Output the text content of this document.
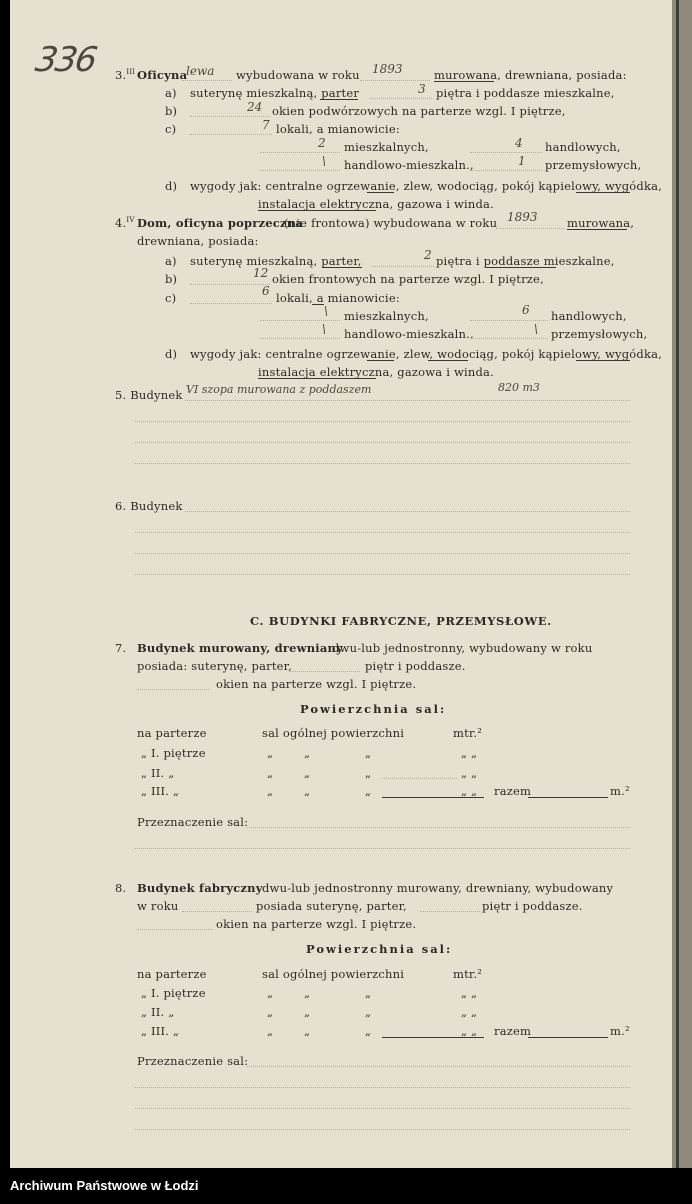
336 3.$^{III}$ Oficyna
lewa wybudowana w roku 1893	murowana, drewniana, posiada:
a) suterynę mieszkalną, parter	3 piętra i poddasze mieszkalne,
b)	24 okien podwórzowych na parterze wzgl. I piętrze,
c)	7 lokali, a mianowicie:
2 mieszkalnych,	4 handlowych,
\ handlowo-mieszkaln.,	1 przemysłowych,
d) wygody jak: centralne ogrzewanie, zlew, wodociąg, pokój kąpielowy, wygódka,
instalacja elektryczna, gazowa i winda.
4.$^{IV}$ Dom, oficyna poprzeczna
(nie frontowa) wybudowana w roku 1893	murowana,
drewniana, posiada:
a) suterynę mieszkalną, parter,	2 piętra i poddasze mieszkalne,
b)	12 okien frontowych na parterze wzgl. I piętrze,
c)	6 lokali, a mianowicie:
\ mieszkalnych,	6 handlowych,
\ handlowo-mieszkaln.,	\ przemysłowych,
d) wygody jak: centralne ogrzewanie, zlew, wodociąg, pokój kąpielowy, wygódka,
instalacja elektryczna, gazowa i winda.
5. Budynek VI szopa murowana z poddaszem	820 m3
6. Budynek
C. BUDYNKI FABRYCZNE, PRZEMYSŁOWE.
7. Budynek murowany, drewniany
dwu-lub jednostronny, wybudowany w roku
posiada: suterynę, parter,	piętr i poddasze.
okien na parterze wzgl. I piętrze.
Powierzchnia sal:
na parterze	sal ogólnej powierzchni	mtr.²
„ I. piętrze	„	„	„	„ „
„ II. „	„	„	„	„ „
„ III. „	„	„	„	„ „ razem	m.²
Przeznaczenie sal:
8. Budynek fabryczny dwu-lub jednostronny murowany, drewniany, wybudowany
w roku	posiada suterynę, parter,	piętr i poddasze.
okien na parterze wzgl. I piętrze.
Powierzchnia sal:
na parterze	sal ogólnej powierzchni	mtr.²
„ I. piętrze	„	„	„	„ „
„ II. „	„	„	„	„ „
„ III. „	„	„	„	„ „ razem	m.²
Przeznaczenie sal:
Archiwum Państwowe w Łodzi
